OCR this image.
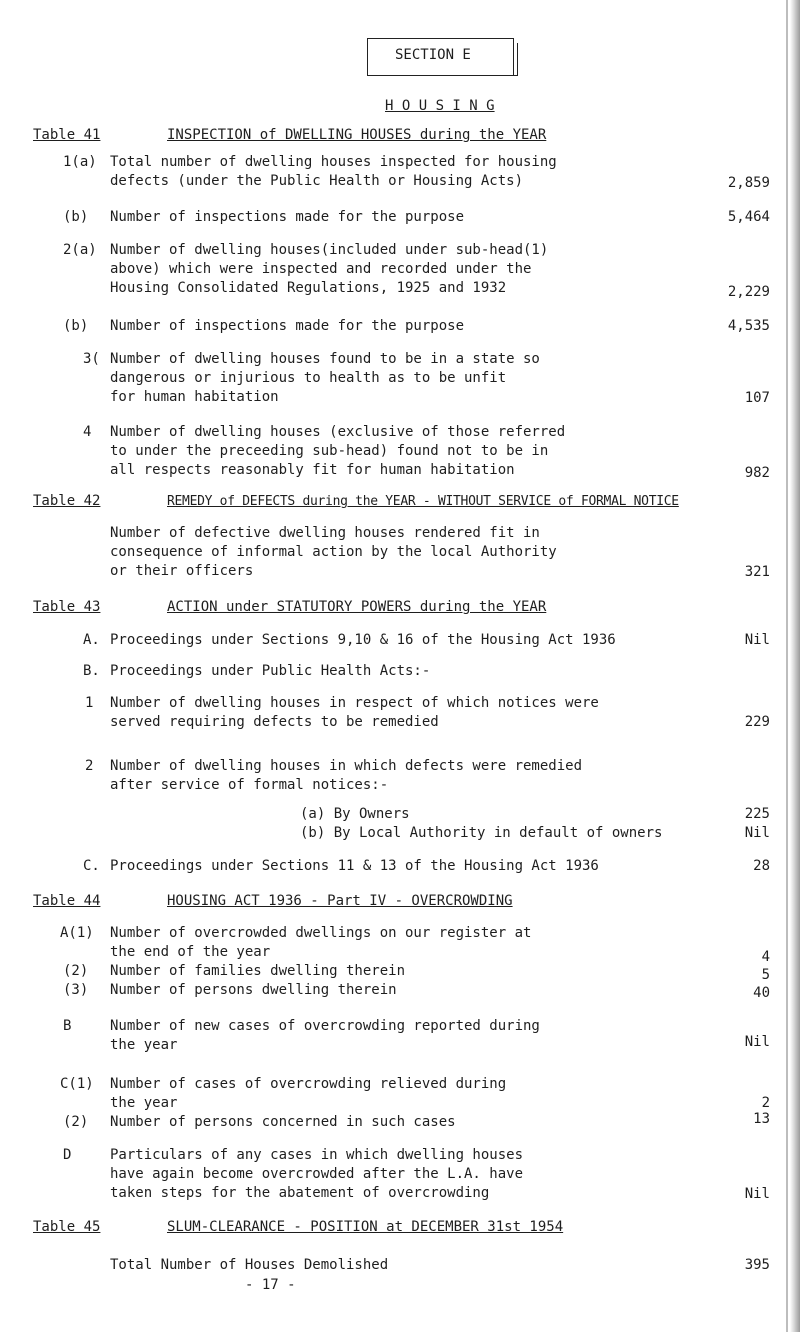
SECTION E
H O U S I N G
Table 41	INSPECTION of DWELLING HOUSES during the YEAR
1(a) Total number of dwelling houses inspected for housing
defects (under the Public Health or Housing Acts)	2,859
(b) Number of inspections made for the purpose	5,464
2(a) Number of dwelling houses(included under sub-head(1)
above) which were inspected and recorded under the
Housing Consolidated Regulations, 1925 and 1932	2,229
(b) Number of inspections made for the purpose	4,535
3( Number of dwelling houses found to be in a state so
dangerous or injurious to health as to be unfit
for human habitation	107
4 Number of dwelling houses (exclusive of those referred
to under the preceeding sub-head) found not to be in
all respects reasonably fit for human habitation	982
Table 42	REMEDY of DEFECTS during the YEAR - WITHOUT SERVICE of FORMAL NOTICE
Number of defective dwelling houses rendered fit in
consequence of informal action by the local Authority
or their officers	321
Table 43	ACTION under STATUTORY POWERS during the YEAR
A. Proceedings under Sections 9,10 & 16 of the Housing Act 1936	Nil
B. Proceedings under Public Health Acts:-
1 Number of dwelling houses in respect of which notices were
served requiring defects to be remedied	229
2 Number of dwelling houses in which defects were remedied
after service of formal notices:-
(a) By Owners	225
(b) By Local Authority in default of owners	Nil
C. Proceedings under Sections 11 & 13 of the Housing Act 1936	28
Table 44	HOUSING ACT 1936 - Part IV - OVERCROWDING
A(1) Number of overcrowded dwellings on our register at
the end of the year	4
(2) Number of families dwelling therein	5
(3) Number of persons dwelling therein	40
B	Number of new cases of overcrowding reported during
the year	Nil
C(1) Number of cases of overcrowding relieved during
the year	2
(2) Number of persons concerned in such cases	13
D	Particulars of any cases in which dwelling houses
have again become overcrowded after the L.A. have
taken steps for the abatement of overcrowding	Nil
Table 45	SLUM-CLEARANCE - POSITION at DECEMBER 31st 1954
Total Number of Houses Demolished	395
- 17 -
